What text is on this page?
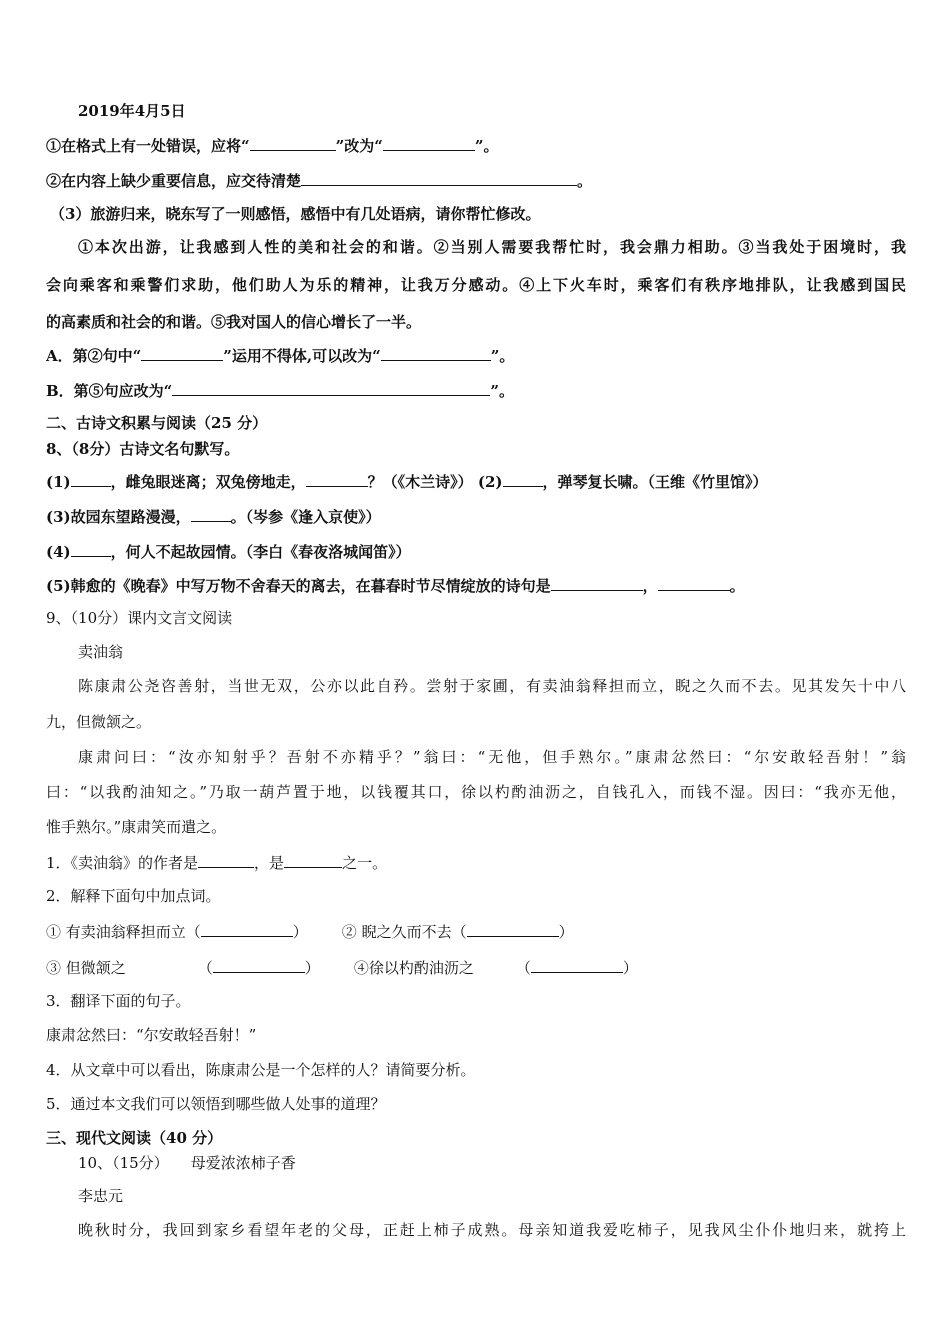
2019年4月5日
①在格式上有一处错误，应将“	”改为“	”。
②在内容上缺少重要信息，应交待清楚	。
（3）旅游归来，晓东写了一则感悟，感悟中有几处语病，请你帮忙修改。
①本次出游，让我感到人性的美和社会的和谐。②当别人需要我帮忙时，我会鼎力相助。③当我处于困境时，我
会向乘客和乘警们求助，他们助人为乐的精神，让我万分感动。④上下火车时，乘客们有秩序地排队，让我感到国民
的高素质和社会的和谐。⑤我对国人的信心增长了一半。
A．第②句中“	”运用不得体,可以改为“	”。
B．第⑤句应改为“	”。
二、古诗文积累与阅读（25 分）
8、（8分）古诗文名句默写。
(1)	，雌兔眼迷离；双兔傍地走，	？（《木兰诗》） (2)	，弹琴复长啸。（王维《竹里馆》）
(3)故园东望路漫漫，	。（岑参《逢入京使》）
(4)	，何人不起故园情。（李白《春夜洛城闻笛》）
(5)韩愈的《晚春》中写万物不舍春天的离去，在暮春时节尽情绽放的诗句是	，	。
9、（10分）课内文言文阅读
卖油翁
陈康肃公尧咨善射，当世无双，公亦以此自矜。尝射于家圃，有卖油翁释担而立，睨之久而不去。见其发矢十中八
九，但微颔之。
康肃问曰：“汝亦知射乎？吾射不亦精乎？”翁曰：“无他，但手熟尔。”康肃忿然曰：“尔安敢轻吾射！”翁
曰：“以我酌油知之。”乃取一葫芦置于地，以钱覆其口，徐以杓酌油沥之，自钱孔入，而钱不湿。因曰：“我亦无他，
惟手熟尔。”康肃笑而遣之。
1．《卖油翁》的作者是	，是	之一。
2．解释下面句中加点词。
① 有卖油翁释担而立（	） ② 睨之久而不去（	）
③ 但微颔之	（	） ④徐以杓酌油沥之	（	）
3．翻译下面的句子。
康肃忿然曰：“尔安敢轻吾射！”
4．从文章中可以看出，陈康肃公是一个怎样的人？请简要分析。
5．通过本文我们可以领悟到哪些做人处事的道理？
三、现代文阅读（40 分）
10、（15分） 母爱浓浓柿子香
李忠元
晚秋时分，我回到家乡看望年老的父母，正赶上柿子成熟。母亲知道我爱吃柿子，见我风尘仆仆地归来，就挎上
